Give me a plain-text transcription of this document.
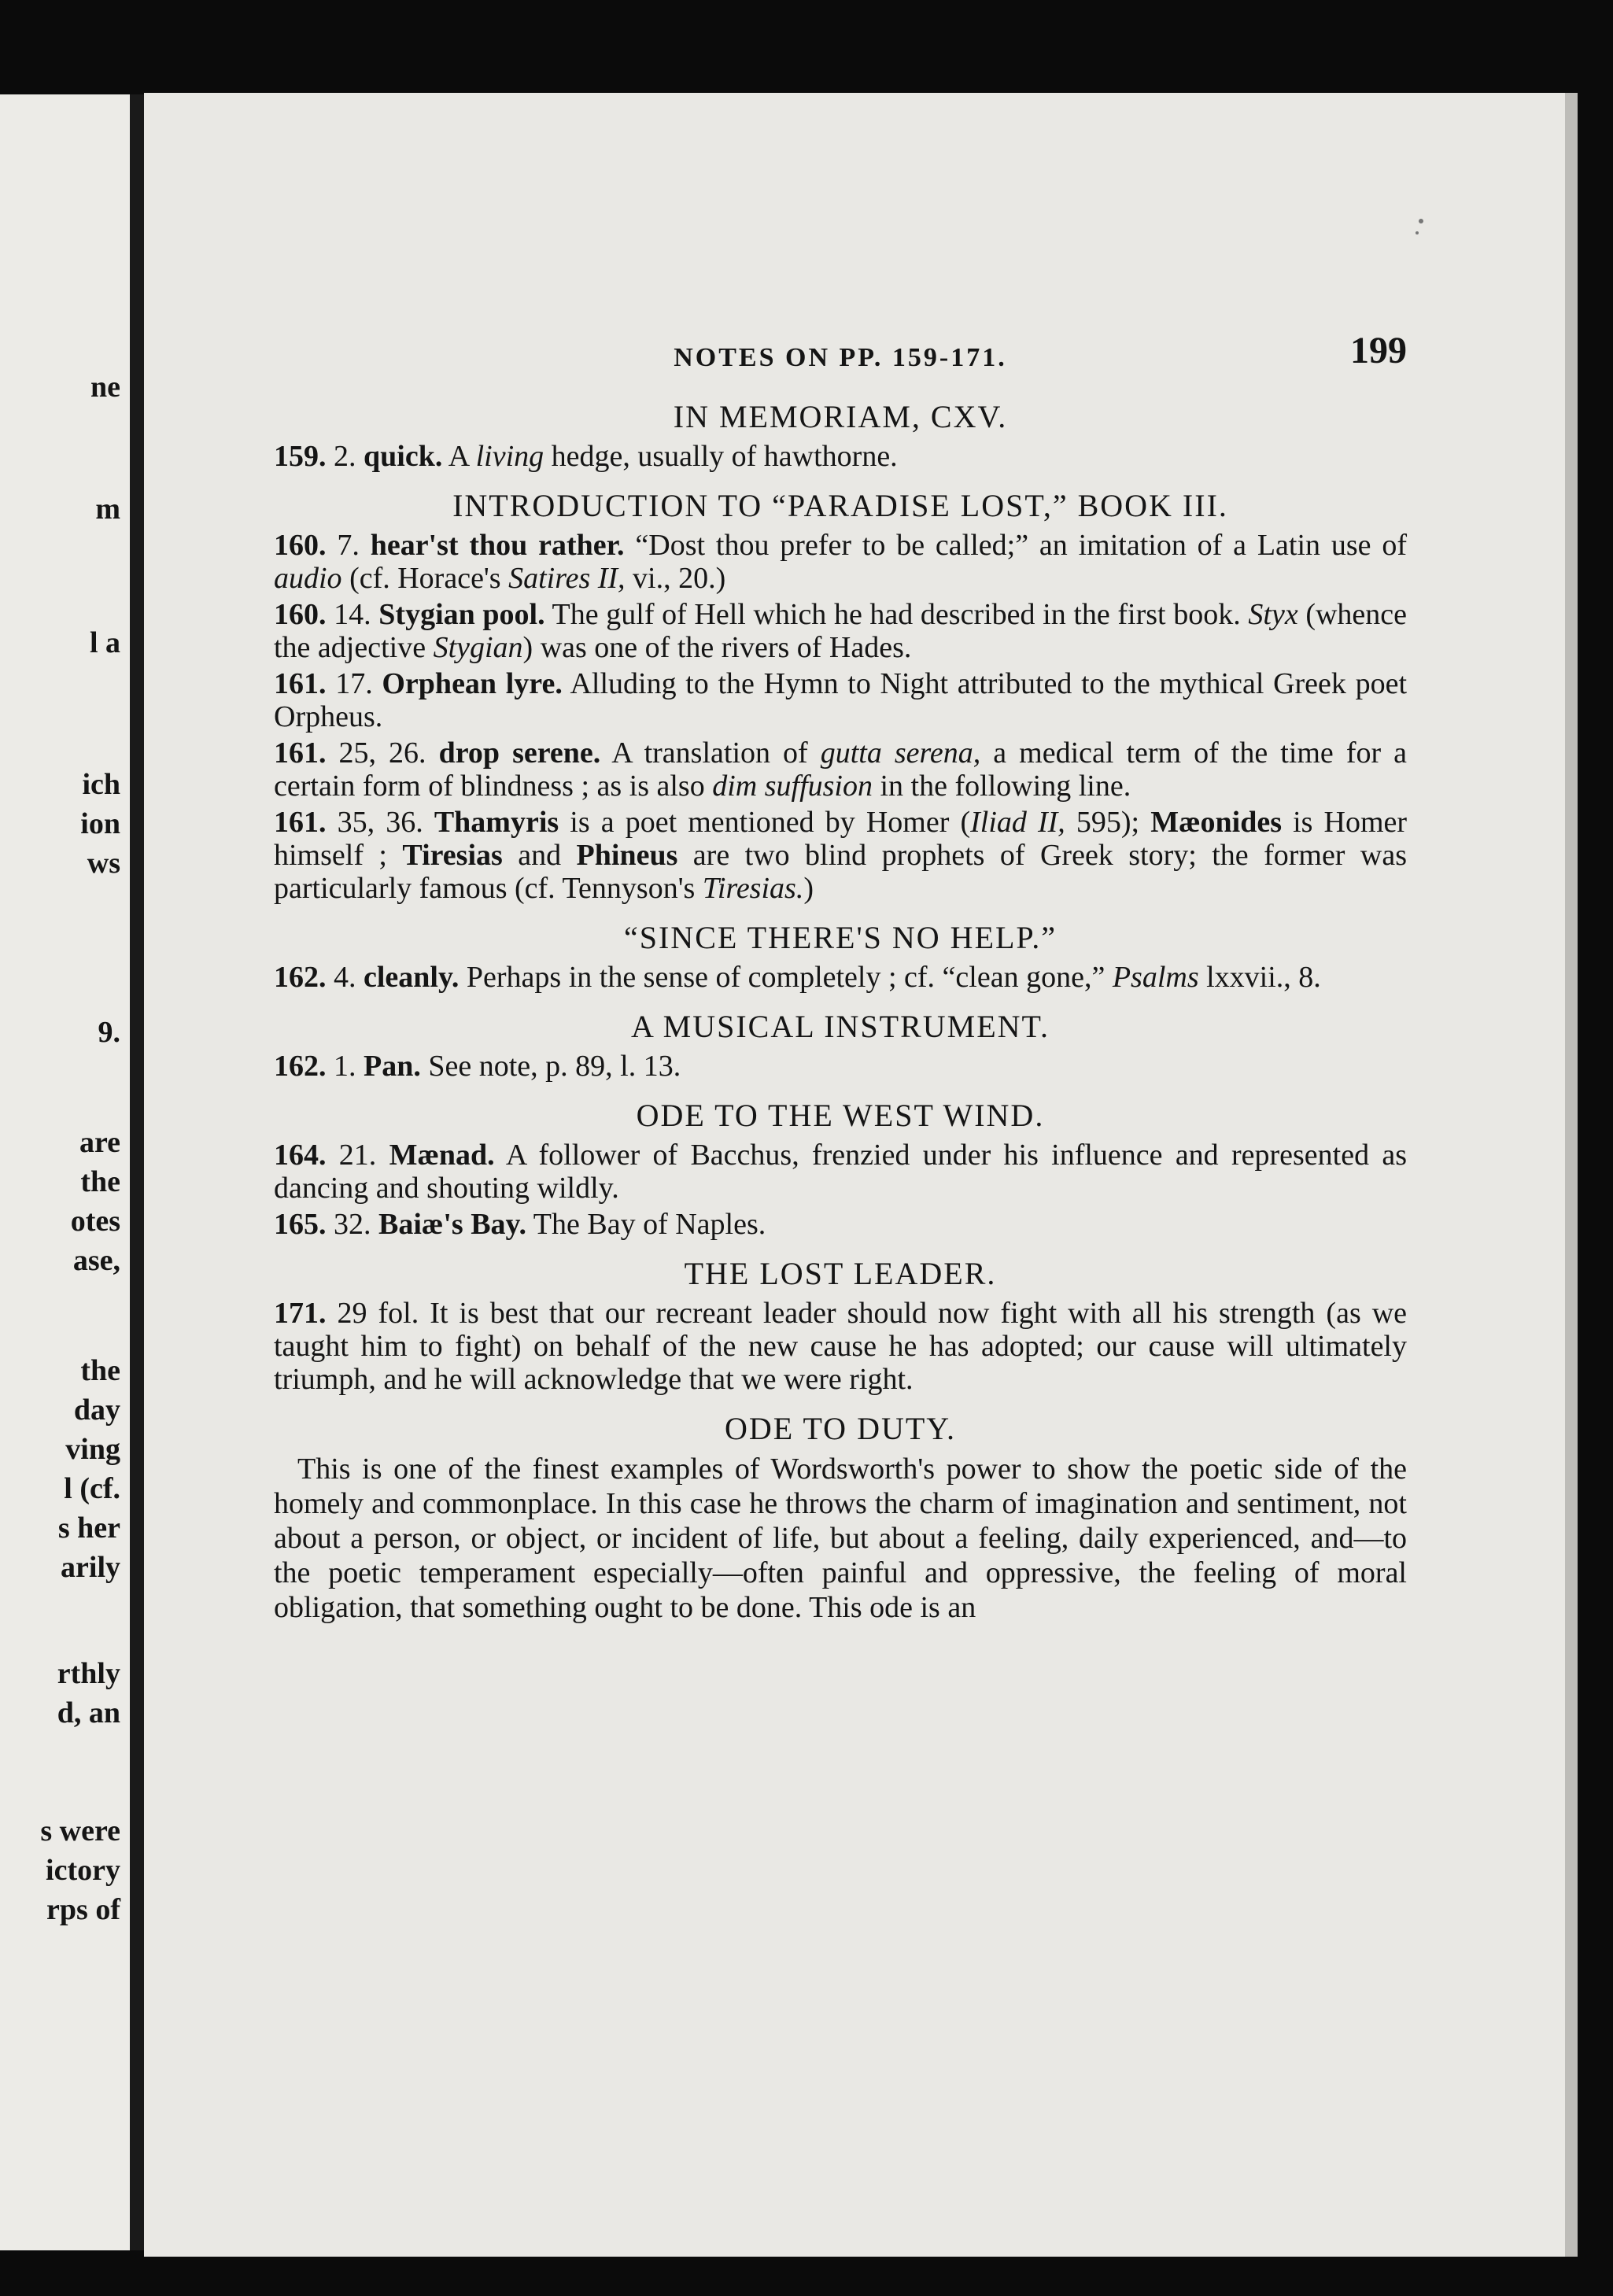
ne
m
l a
ich
ion
ws
9.
are
the
otes
ase,
the
day
ving
l (cf.
s her
arily
rthly
d, an
s were
ictory
rps of
NOTES ON PP. 159-171.	199
IN MEMORIAM, CXV.

159. 2. quick. A living hedge, usually of hawthorne.

INTRODUCTION TO “PARADISE LOST,” BOOK III.

160. 7. hear'st thou rather. “Dost thou prefer to be called;” an imitation of a Latin use of audio (cf. Horace's Satires II, vi., 20.)

160. 14. Stygian pool. The gulf of Hell which he had described in the first book. Styx (whence the adjective Stygian) was one of the rivers of Hades.

161. 17. Orphean lyre. Alluding to the Hymn to Night attributed to the mythical Greek poet Orpheus.

161. 25, 26. drop serene. A translation of gutta serena, a medical term of the time for a certain form of blindness ; as is also dim suffusion in the following line.

161. 35, 36. Thamyris is a poet mentioned by Homer (Iliad II, 595); Mæonides is Homer himself ; Tiresias and Phineus are two blind prophets of Greek story; the former was particularly famous (cf. Tennyson's Tiresias.)

“SINCE THERE'S NO HELP.”

162. 4. cleanly. Perhaps in the sense of completely ; cf. “clean gone,” Psalms lxxvii., 8.

A MUSICAL INSTRUMENT.

162. 1. Pan. See note, p. 89, l. 13.

ODE TO THE WEST WIND.

164. 21. Mænad. A follower of Bacchus, frenzied under his influence and represented as dancing and shouting wildly.

165. 32. Baiæ's Bay. The Bay of Naples.

THE LOST LEADER.

171. 29 fol. It is best that our recreant leader should now fight with all his strength (as we taught him to fight) on behalf of the new cause he has adopted; our cause will ultimately triumph, and he will acknowledge that we were right.

ODE TO DUTY.

This is one of the finest examples of Wordsworth's power to show the poetic side of the homely and commonplace. In this case he throws the charm of imagination and sentiment, not about a person, or object, or incident of life, but about a feeling, daily experienced, and—to the poetic temperament especially—often painful and oppressive, the feeling of moral obligation, that something ought to be done. This ode is an
